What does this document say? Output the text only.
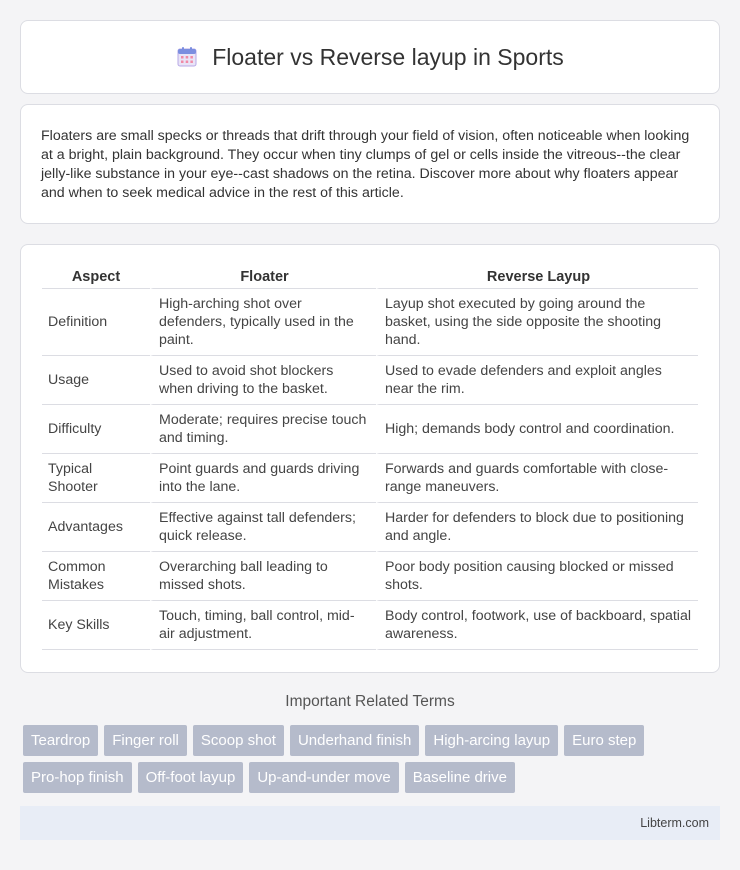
Floater vs Reverse layup in Sports

Floaters are small specks or threads that drift through your field of vision, often noticeable when looking at a bright, plain background. They occur when tiny clumps of gel or cells inside the vitreous--the clear jelly-like substance in your eye--cast shadows on the retina. Discover more about why floaters appear and when to seek medical advice in the rest of this article.

Aspect	Floater	Reverse Layup
Definition	High-arching shot over defenders, typically used in the paint.	Layup shot executed by going around the basket, using the side opposite the shooting hand.
Usage	Used to avoid shot blockers when driving to the basket.	Used to evade defenders and exploit angles near the rim.
Difficulty	Moderate; requires precise touch and timing.	High; demands body control and coordination.
Typical Shooter	Point guards and guards driving into the lane.	Forwards and guards comfortable with close-range maneuvers.
Advantages	Effective against tall defenders; quick release.	Harder for defenders to block due to positioning and angle.
Common Mistakes	Overarching ball leading to missed shots.	Poor body position causing blocked or missed shots.
Key Skills	Touch, timing, ball control, mid-air adjustment.	Body control, footwork, use of backboard, spatial awareness.
Important Related Terms
Teardrop	Finger roll	Scoop shot	Underhand finish	High-arcing layup	Euro step
Pro-hop finish	Off-foot layup	Up-and-under move	Baseline drive
Libterm.com
